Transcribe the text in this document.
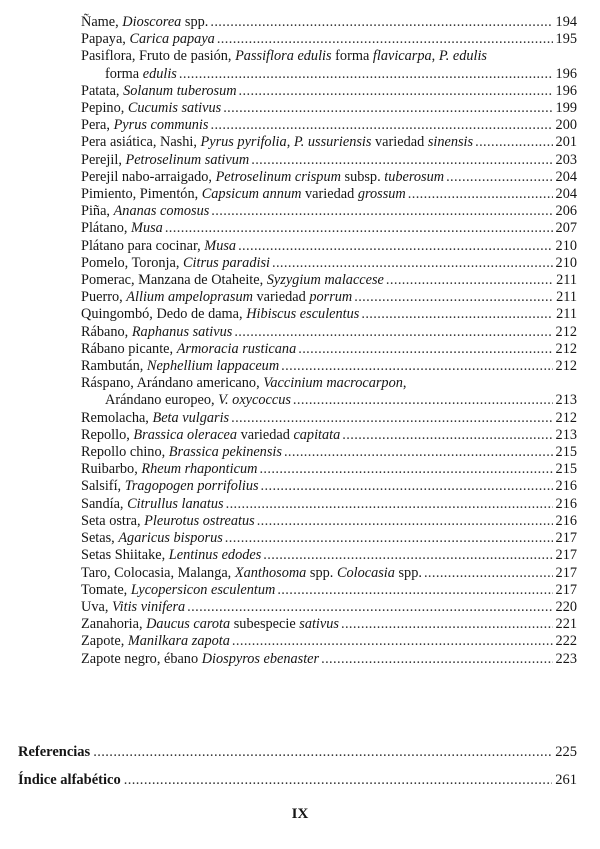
Ñame, Dioscorea spp. .....	194
Papaya, Carica papaya .....	195
Pasiflora, Fruto de pasión, Passiflora edulis forma flavicarpa, P. edulis
forma edulis .....	196
Patata, Solanum tuberosum .....	196
Pepino, Cucumis sativus .....	199
Pera, Pyrus communis .....	200
Pera asiática, Nashi, Pyrus pyrifolia, P. ussuriensis variedad sinensis .....	201
Perejil, Petroselinum sativum .....	203
Perejil nabo-arraigado, Petroselinum crispum subsp. tuberosum .....	204
Pimiento, Pimentón, Capsicum annum variedad grossum .....	204
Piña, Ananas comosus .....	206
Plátano, Musa .....	207
Plátano para cocinar, Musa .....	210
Pomelo, Toronja, Citrus paradisi .....	210
Pomerac, Manzana de Otaheite, Syzygium malaccese .....	211
Puerro, Allium ampeloprasum variedad porrum .....	211
Quingombó, Dedo de dama, Hibiscus esculentus .....	211
Rábano, Raphanus sativus .....	212
Rábano picante, Armoracia rusticana .....	212
Rambután, Nephellium lappaceum .....	212
Ráspano, Arándano americano, Vaccinium macrocarpon,
Arándano europeo, V. oxycoccus .....	213
Remolacha, Beta vulgaris .....	212
Repollo, Brassica oleracea variedad capitata .....	213
Repollo chino, Brassica pekinensis .....	215
Ruibarbo, Rheum rhaponticum .....	215
Salsifí, Tragopogen porrifolius .....	216
Sandía, Citrullus lanatus .....	216
Seta ostra, Pleurotus ostreatus .....	216
Setas, Agaricus bisporus .....	217
Setas Shiitake, Lentinus edodes .....	217
Taro, Colocasia, Malanga, Xanthosoma spp. Colocasia spp. .....	217
Tomate, Lycopersicon esculentum .....	217
Uva, Vitis vinifera .....	220
Zanahoria, Daucus carota subespecie sativus .....	221
Zapote, Manilkara zapota .....	222
Zapote negro, ébano Diospyros ebenaster .....	223
Referencias .....	225
Índice alfabético .....	261
IX
